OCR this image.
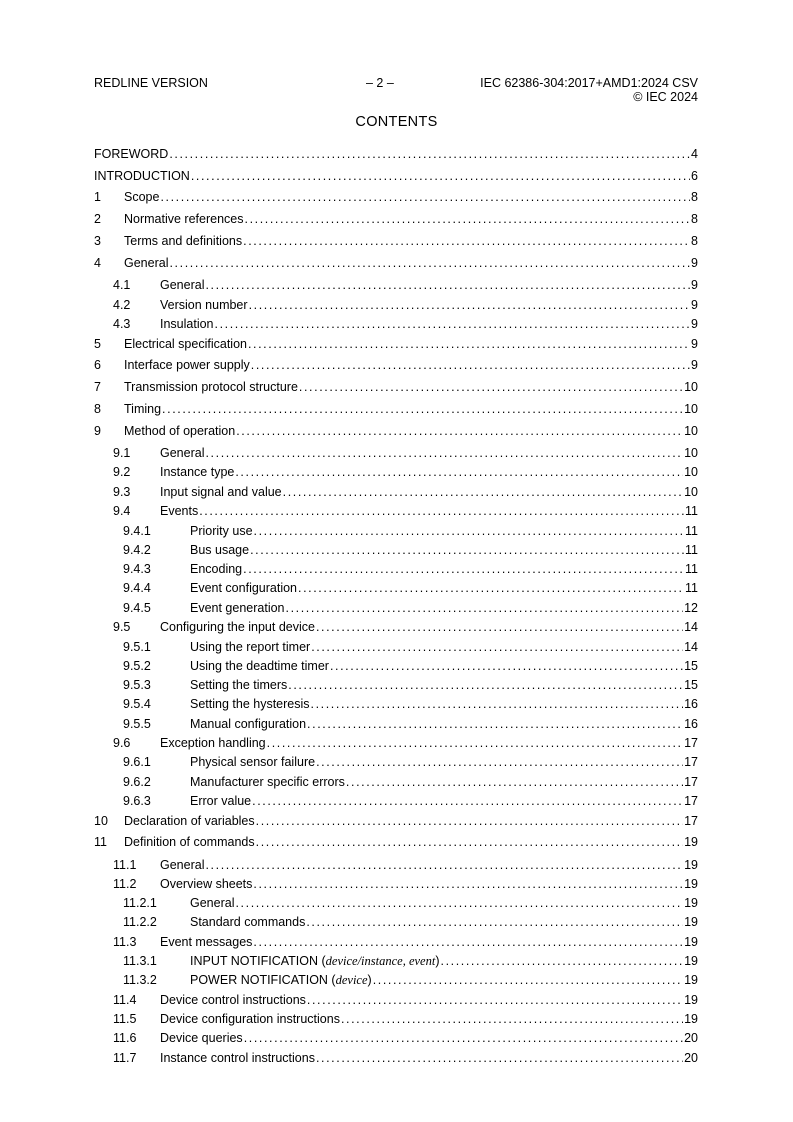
REDLINE VERSION	– 2 –	IEC 62386-304:2017+AMD1:2024 CSV
© IEC 2024
CONTENTS
FOREWORD .....	4
INTRODUCTION .....	6
1 Scope .....	8
2 Normative references .....	8
3 Terms and definitions .....	8
4 General .....	9
4.1 General .....	9
4.2 Version number .....	9
4.3 Insulation .....	9
5 Electrical specification .....	9
6 Interface power supply .....	9
7 Transmission protocol structure .....	10
8 Timing .....	10
9 Method of operation .....	10
9.1 General .....	10
9.2 Instance type .....	10
9.3 Input signal and value .....	10
9.4 Events .....	11
9.4.1	Priority use .....	11
9.4.2	Bus usage .....	11
9.4.3	Encoding .....	11
9.4.4	Event configuration .....	11
9.4.5	Event generation .....	12
9.5 Configuring the input device .....	14
9.5.1	Using the report timer .....	14
9.5.2	Using the deadtime timer .....	15
9.5.3	Setting the timers .....	15
9.5.4	Setting the hysteresis .....	16
9.5.5	Manual configuration .....	16
9.6 Exception handling .....	17
9.6.1	Physical sensor failure .....	17
9.6.2	Manufacturer specific errors .....	17
9.6.3	Error value .....	17
10 Declaration of variables .....	17
11 Definition of commands .....	19
11.1 General .....	19
11.2 Overview sheets .....	19
11.2.1	General .....	19
11.2.2	Standard commands .....	19
11.3 Event messages .....	19
11.3.1	INPUT NOTIFICATION (device/instance, event) .....	19
11.3.2	POWER NOTIFICATION (device) .....	19
11.4 Device control instructions .....	19
11.5 Device configuration instructions .....	19
11.6 Device queries .....	20
11.7 Instance control instructions .....	20
